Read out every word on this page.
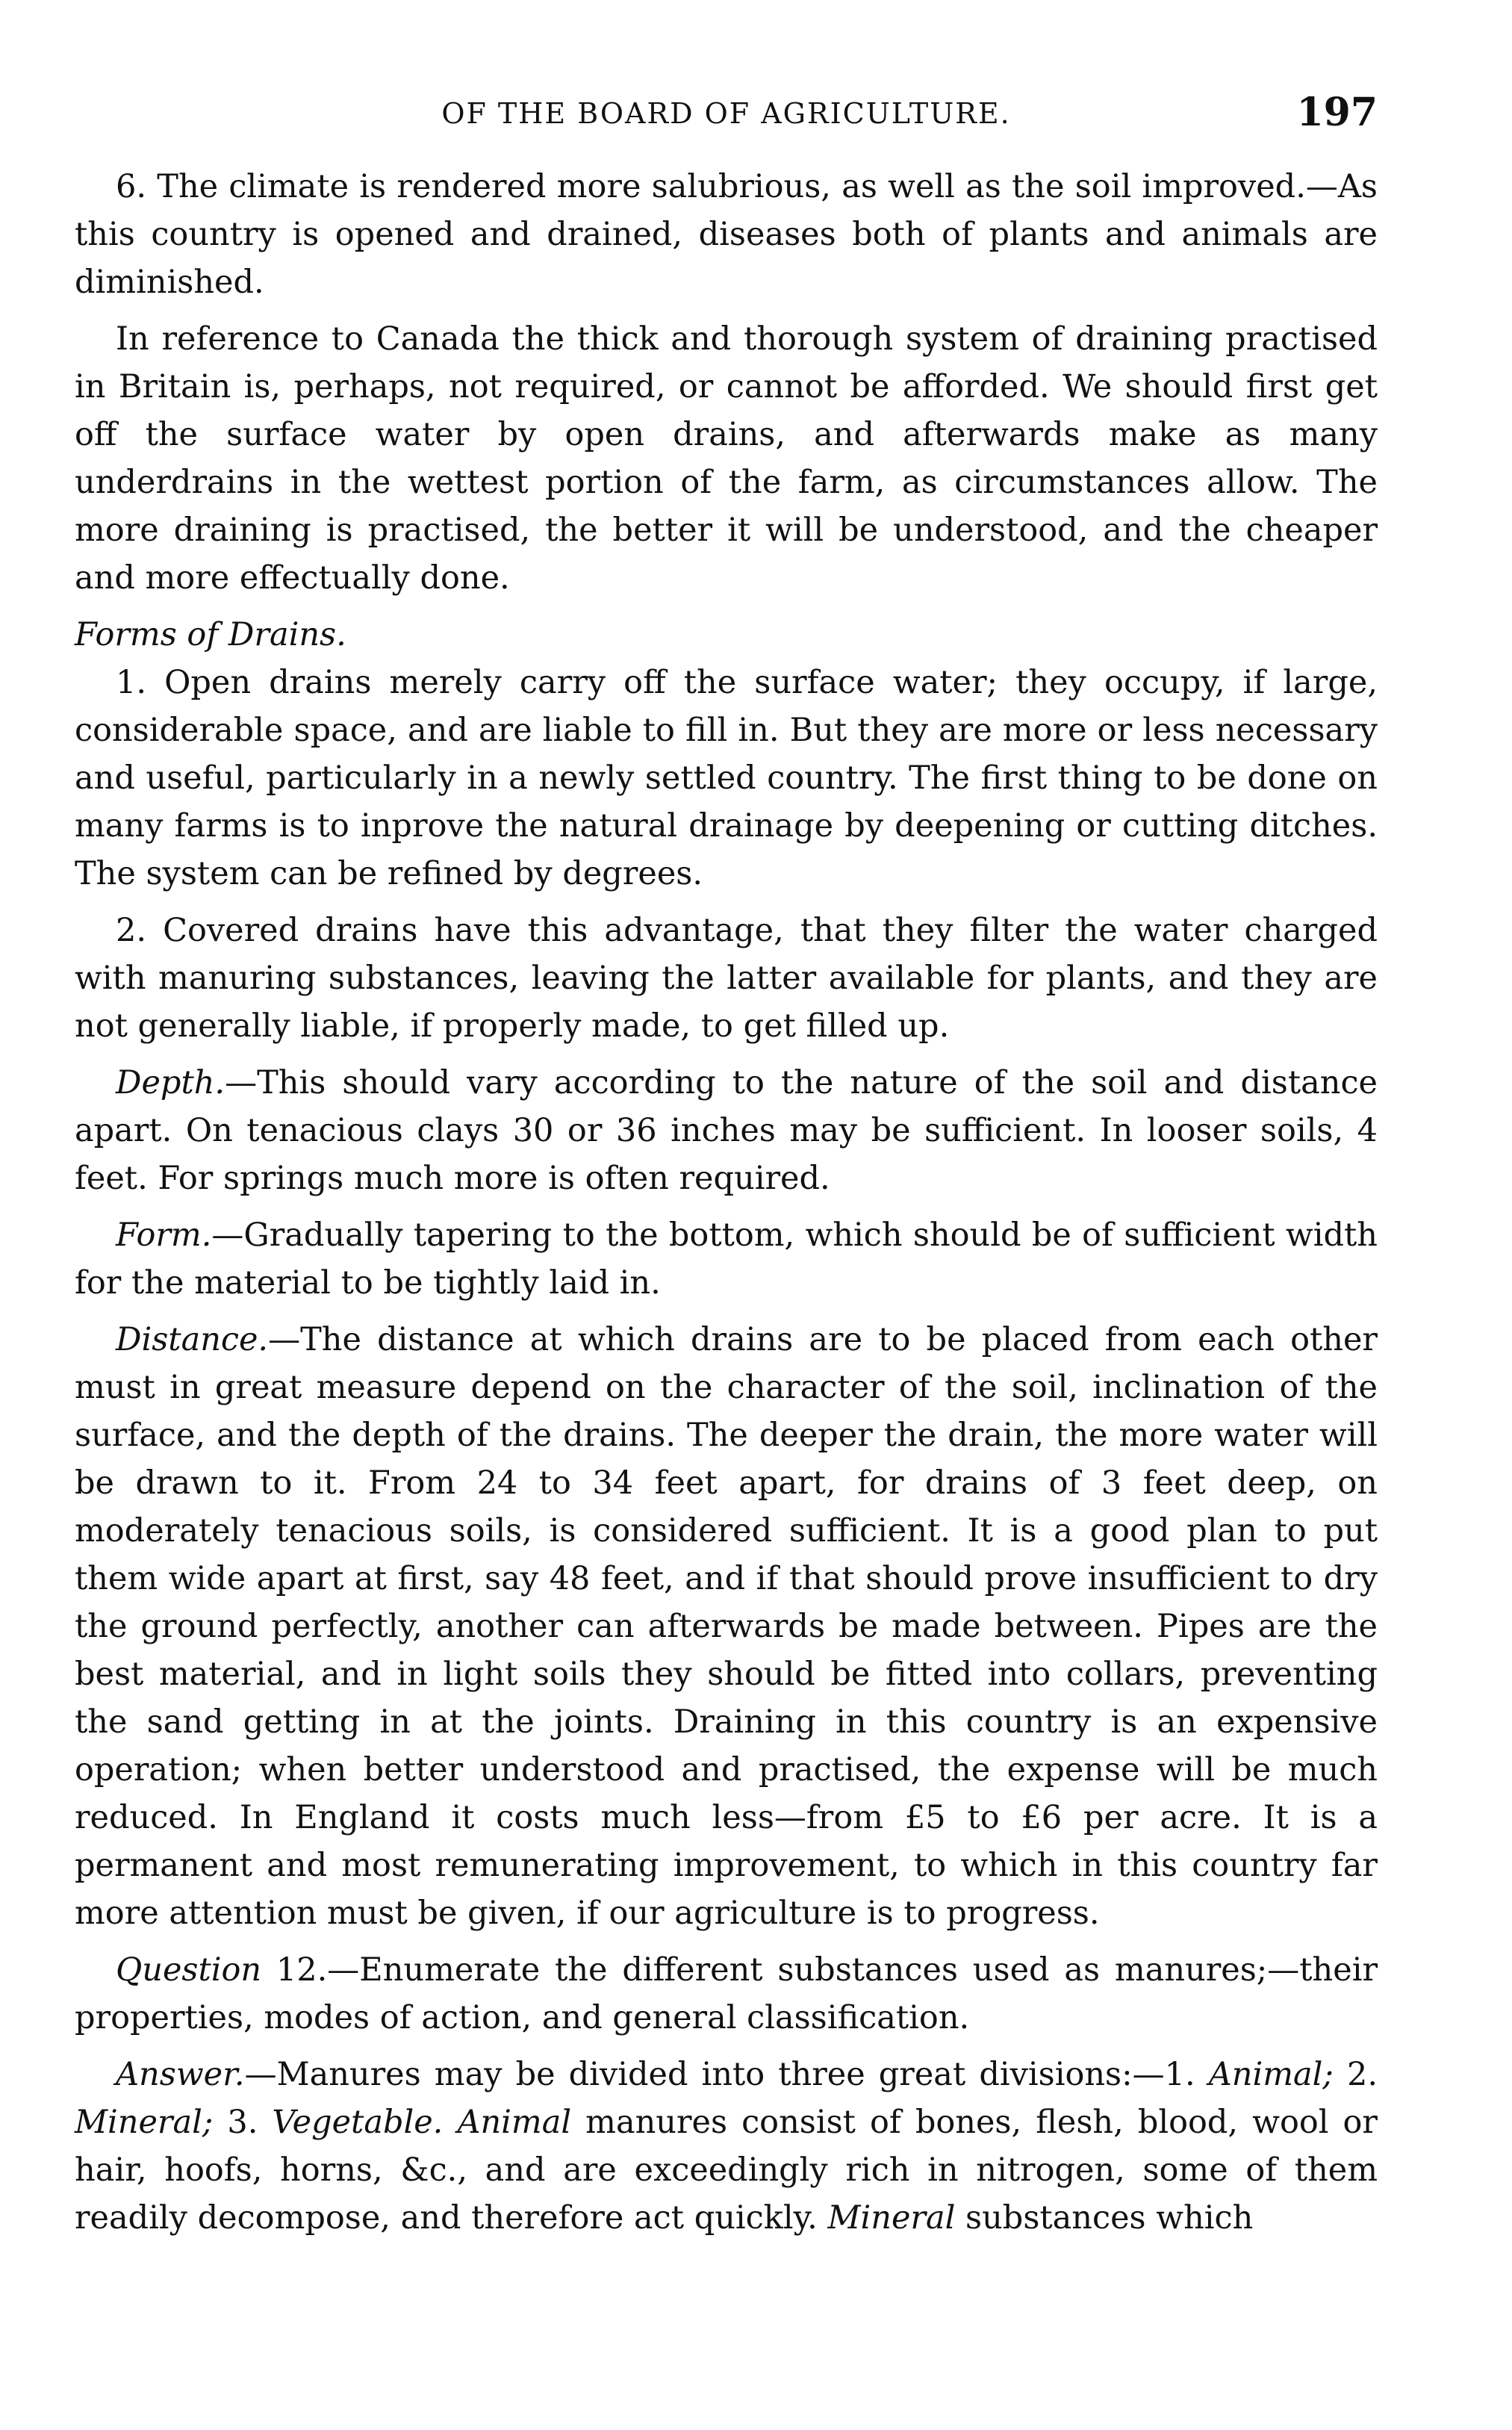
OF THE BOARD OF AGRICULTURE.	197

6. The climate is rendered more salubrious, as well as the soil improved.—As this country is opened and drained, diseases both of plants and animals are diminished.

In reference to Canada the thick and thorough system of draining practised in Britain is, perhaps, not required, or cannot be afforded. We should first get off the surface water by open drains, and afterwards make as many underdrains in the wettest portion of the farm, as circumstances allow. The more draining is practised, the better it will be understood, and the cheaper and more effectually done.

Forms of Drains.

1. Open drains merely carry off the surface water; they occupy, if large, considerable space, and are liable to fill in. But they are more or less necessary and useful, particularly in a newly settled country. The first thing to be done on many farms is to inprove the natural drainage by deepening or cutting ditches. The system can be refined by degrees.

2. Covered drains have this advantage, that they filter the water charged with manuring substances, leaving the latter available for plants, and they are not generally liable, if properly made, to get filled up.

Depth.—This should vary according to the nature of the soil and distance apart. On tenacious clays 30 or 36 inches may be sufficient. In looser soils, 4 feet. For springs much more is often required.

Form.—Gradually tapering to the bottom, which should be of sufficient width for the material to be tightly laid in.

Distance.—The distance at which drains are to be placed from each other must in great measure depend on the character of the soil, inclination of the surface, and the depth of the drains. The deeper the drain, the more water will be drawn to it. From 24 to 34 feet apart, for drains of 3 feet deep, on moderately tenacious soils, is considered sufficient. It is a good plan to put them wide apart at first, say 48 feet, and if that should prove insufficient to dry the ground perfectly, another can afterwards be made between. Pipes are the best material, and in light soils they should be fitted into collars, preventing the sand getting in at the joints. Draining in this country is an expensive operation; when better understood and practised, the expense will be much reduced. In England it costs much less—from £5 to £6 per acre. It is a permanent and most remunerating improvement, to which in this country far more attention must be given, if our agriculture is to progress.

Question 12.—Enumerate the different substances used as manures;—their properties, modes of action, and general classification.

Answer.—Manures may be divided into three great divisions:—1. Animal; 2. Mineral; 3. Vegetable. Animal manures consist of bones, flesh, blood, wool or hair, hoofs, horns, &c., and are exceedingly rich in nitrogen, some of them readily decompose, and therefore act quickly. Mineral substances which
